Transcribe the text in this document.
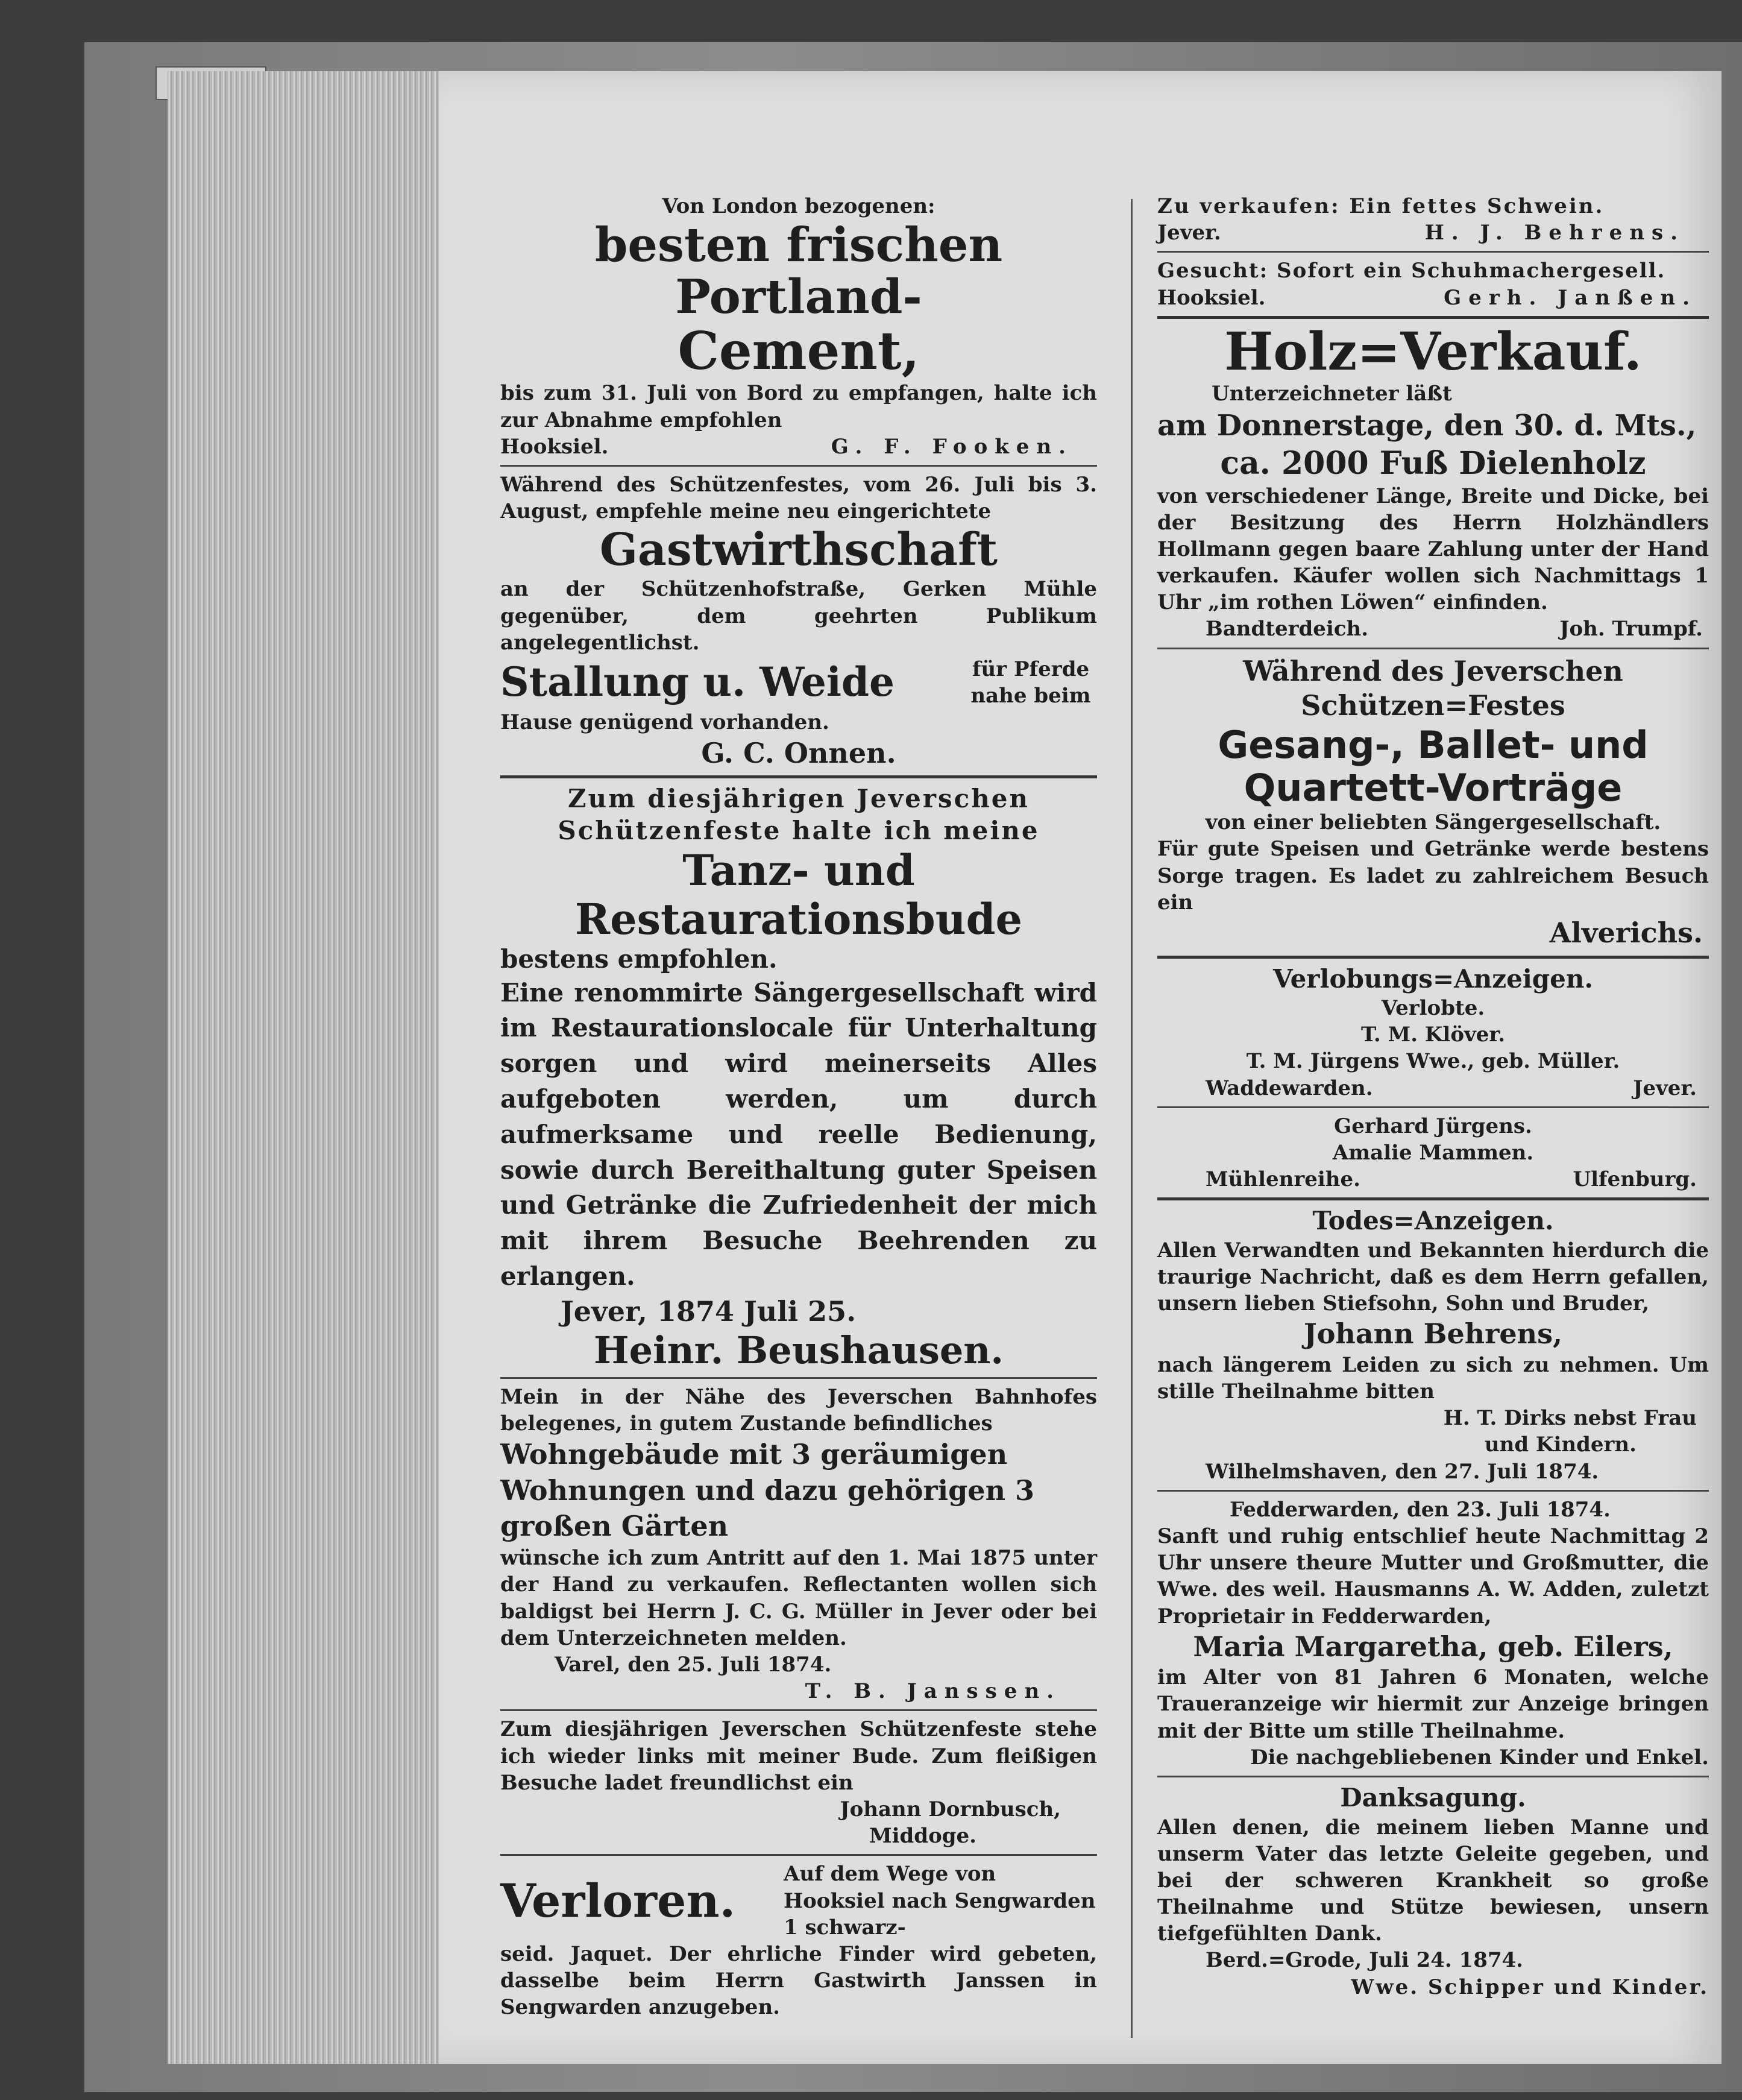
Von London bezogenen:

besten frischen Portland-

Cement,

bis zum 31. Juli von Bord zu empfangen, halte ich zur Abnahme empfohlen

Hooksiel.	G. F. Fooken.

Während des Schützenfestes, vom 26. Juli bis 3. August, empfehle meine neu eingerichtete

Gastwirthschaft

an der Schützenhofstraße, Gerken Mühle gegenüber, dem geehrten Publikum angelegentlichst.

Stallung u. Weide	für Pferde nahe beim

Hause genügend vorhanden.

G. C. Onnen.

Zum diesjährigen Jeverschen Schützenfeste halte ich meine

Tanz- und Restaurationsbude

bestens empfohlen.

Eine renommirte Sängergesellschaft wird im Restaurationslocale für Unterhaltung sorgen und wird meinerseits Alles aufgeboten werden, um durch aufmerksame und reelle Bedienung, sowie durch Bereithaltung guter Speisen und Getränke die Zufriedenheit der mich mit ihrem Besuche Beehrenden zu erlangen.

Jever, 1874 Juli 25.

Heinr. Beushausen.

Mein in der Nähe des Jeverschen Bahnhofes belegenes, in gutem Zustande befindliches

Wohngebäude mit 3 geräumigen Wohnungen und dazu gehörigen 3 großen Gärten

wünsche ich zum Antritt auf den 1. Mai 1875 unter der Hand zu verkaufen. Reflectanten wollen sich baldigst bei Herrn J. C. G. Müller in Jever oder bei dem Unterzeichneten melden.

Varel, den 25. Juli 1874.

T. B. Janssen.

Zum diesjährigen Jeverschen Schützenfeste stehe ich wieder links mit meiner Bude. Zum fleißigen Besuche ladet freundlichst ein

Johann Dornbusch,

Middoge.

Verloren. Auf dem Wege von Hooksiel nach Sengwarden 1 schwarz-

seid. Jaquet. Der ehrliche Finder wird gebeten, dasselbe beim Herrn Gastwirth Janssen in Sengwarden anzugeben.

Zu verkaufen: Ein fettes Schwein.

Jever.	H. J. Behrens.

Gesucht: Sofort ein Schuhmachergesell.

Hooksiel.	Gerh. Janßen.

Holz=Verkauf.

Unterzeichneter läßt

am Donnerstage, den 30. d. Mts.,

ca. 2000 Fuß Dielenholz

von verschiedener Länge, Breite und Dicke, bei der Besitzung des Herrn Holzhändlers Hollmann gegen baare Zahlung unter der Hand verkaufen. Käufer wollen sich Nachmittags 1 Uhr „im rothen Löwen“ einfinden.

Bandterdeich.	Joh. Trumpf.

Während des Jeverschen

Schützen=Festes

Gesang-, Ballet- und

Quartett-Vorträge

von einer beliebten Sängergesellschaft.

Für gute Speisen und Getränke werde bestens Sorge tragen. Es ladet zu zahlreichem Besuch ein

Alverichs.

Verlobungs=Anzeigen.

Verlobte.

T. M. Klöver.

T. M. Jürgens Wwe., geb. Müller.

Waddewarden.	Jever.

Gerhard Jürgens.

Amalie Mammen.

Mühlenreihe.	Ulfenburg.

Todes=Anzeigen.

Allen Verwandten und Bekannten hierdurch die traurige Nachricht, daß es dem Herrn gefallen, unsern lieben Stiefsohn, Sohn und Bruder,

Johann Behrens,

nach längerem Leiden zu sich zu nehmen. Um stille Theilnahme bitten

H. T. Dirks nebst Frau

und Kindern.

Wilhelmshaven, den 27. Juli 1874.

Fedderwarden, den 23. Juli 1874.

Sanft und ruhig entschlief heute Nachmittag 2 Uhr unsere theure Mutter und Großmutter, die Wwe. des weil. Hausmanns A. W. Adden, zuletzt Proprietair in Fedderwarden,

Maria Margaretha, geb. Eilers,

im Alter von 81 Jahren 6 Monaten, welche Traueranzeige wir hiermit zur Anzeige bringen mit der Bitte um stille Theilnahme.

Die nachgebliebenen Kinder und Enkel.

Danksagung.

Allen denen, die meinem lieben Manne und unserm Vater das letzte Geleite gegeben, und bei der schweren Krankheit so große Theilnahme und Stütze bewiesen, unsern tiefgefühlten Dank.

Berd.=Grode, Juli 24. 1874.

Wwe. Schipper und Kinder.
